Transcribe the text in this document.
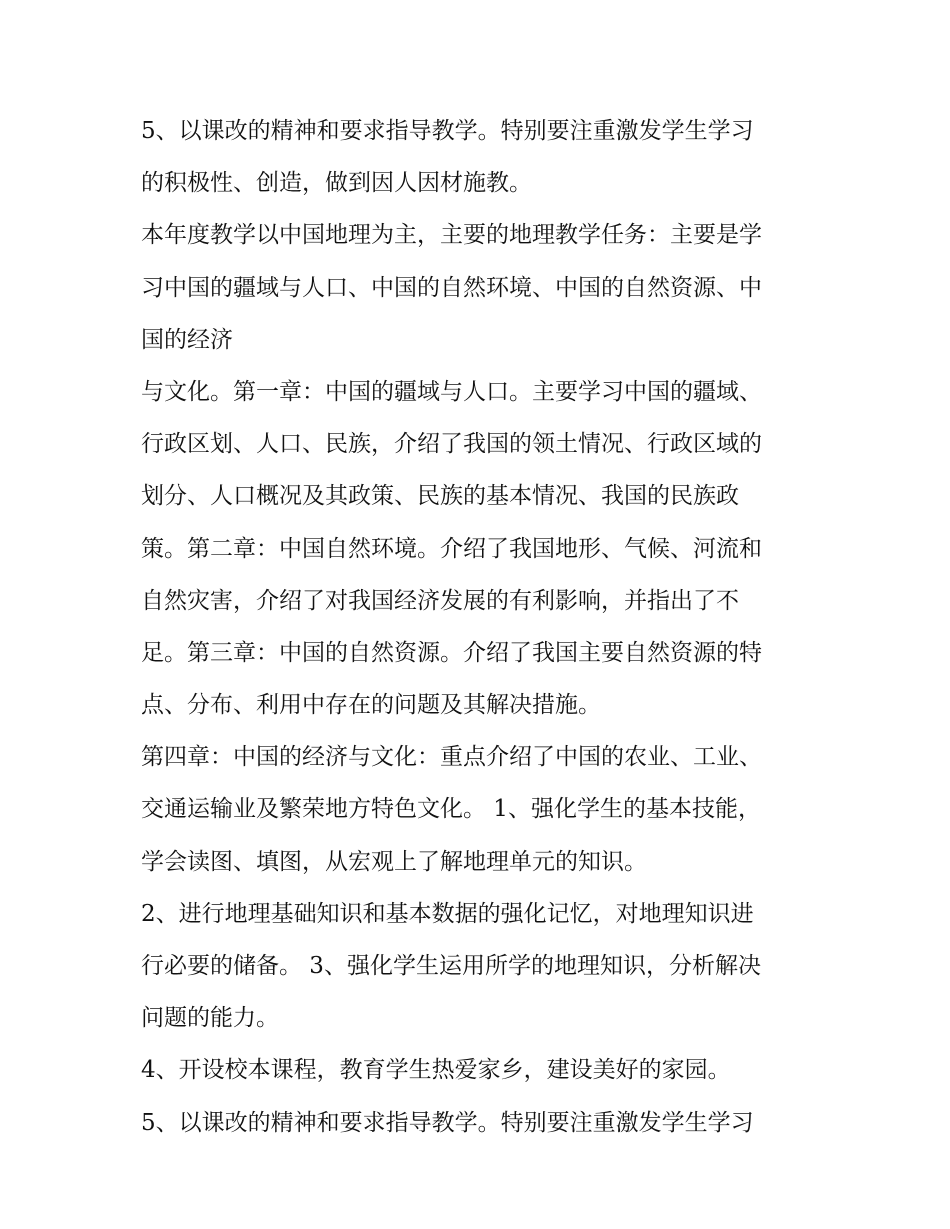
5、以课改的精神和要求指导教学。特别要注重激发学生学习
的积极性、创造，做到因人因材施教。
本年度教学以中国地理为主，主要的地理教学任务：主要是学
习中国的疆域与人口、中国的自然环境、中国的自然资源、中
国的经济
与文化。第一章：中国的疆域与人口。主要学习中国的疆域、
行政区划、人口、民族，介绍了我国的领土情况、行政区域的
划分、人口概况及其政策、民族的基本情况、我国的民族政
策。第二章：中国自然环境。介绍了我国地形、气候、河流和
自然灾害，介绍了对我国经济发展的有利影响，并指出了不
足。第三章：中国的自然资源。介绍了我国主要自然资源的特
点、分布、利用中存在的问题及其解决措施。
第四章：中国的经济与文化：重点介绍了中国的农业、工业、
交通运输业及繁荣地方特色文化。 1、强化学生的基本技能，
学会读图、填图，从宏观上了解地理单元的知识。
2、进行地理基础知识和基本数据的强化记忆，对地理知识进
行必要的储备。 3、强化学生运用所学的地理知识，分析解决
问题的能力。
4、开设校本课程，教育学生热爱家乡，建设美好的家园。
5、以课改的精神和要求指导教学。特别要注重激发学生学习
